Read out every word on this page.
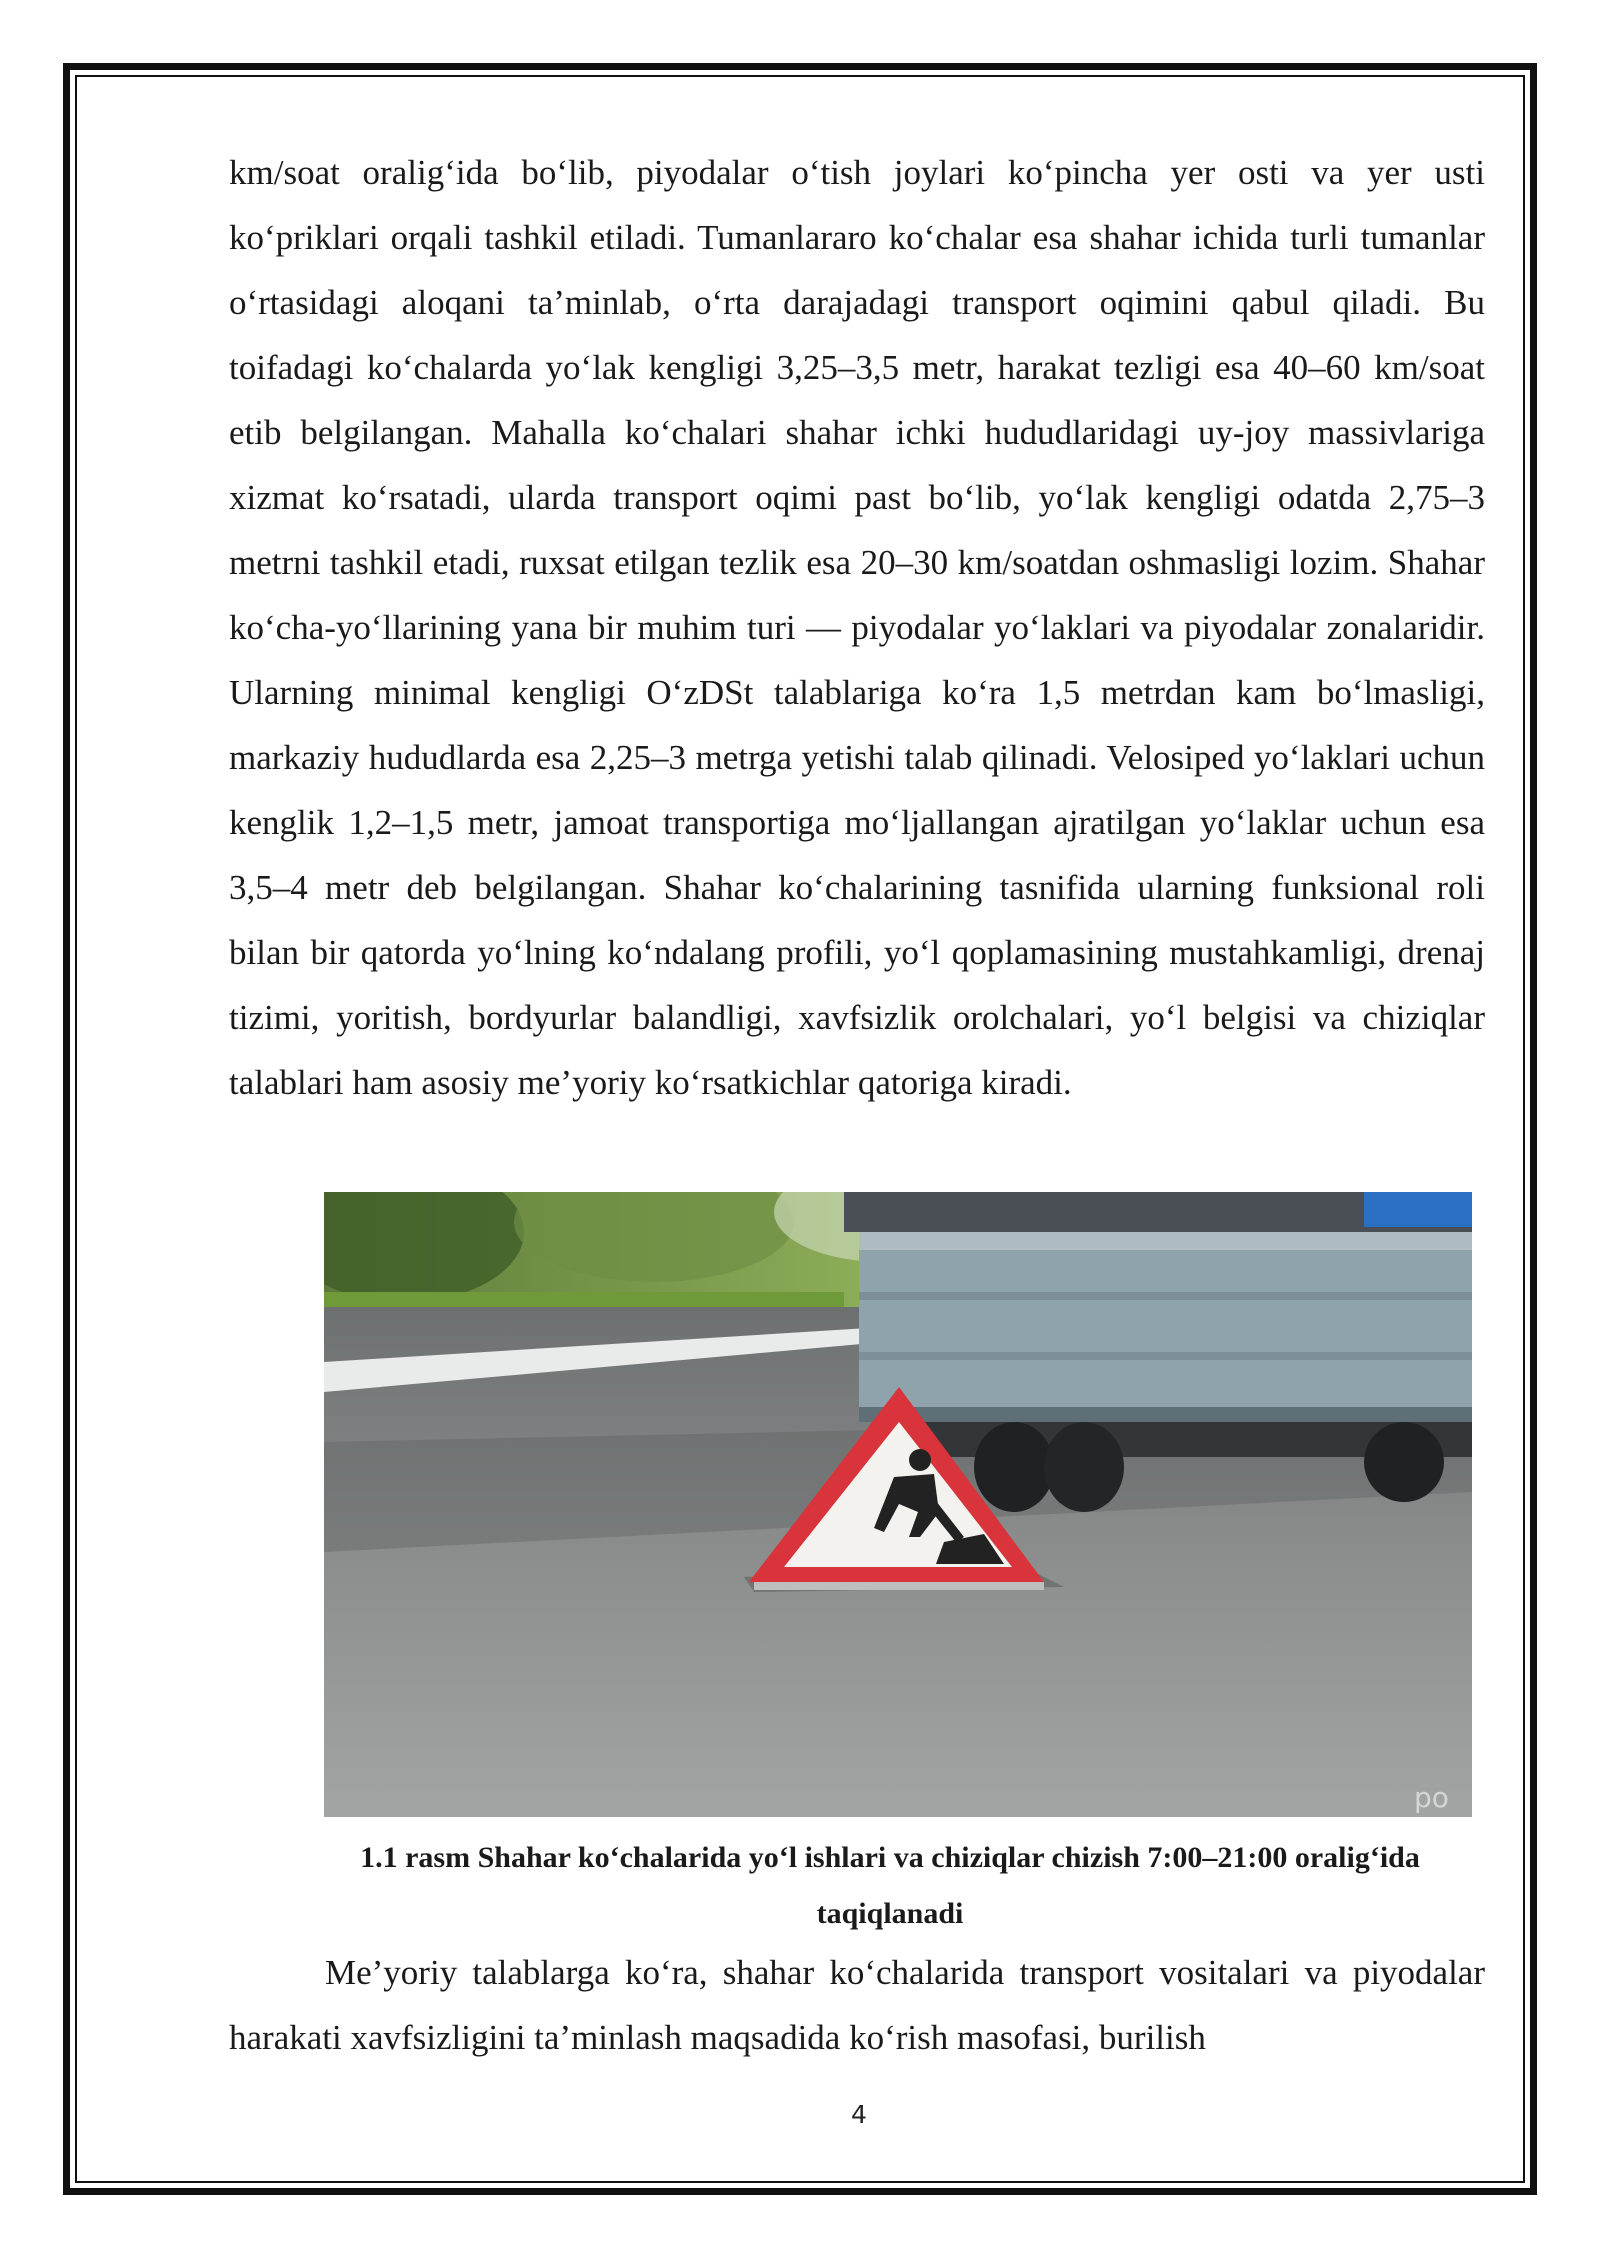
km/soat oralig‘ida bo‘lib, piyodalar o‘tish joylari ko‘pincha yer osti va yer usti ko‘priklari orqali tashkil etiladi. Tumanlararo ko‘chalar esa shahar ichida turli tumanlar o‘rtasidagi aloqani ta’minlab, o‘rta darajadagi transport oqimini qabul qiladi. Bu toifadagi ko‘chalarda yo‘lak kengligi 3,25–3,5 metr, harakat tezligi esa 40–60 km/soat etib belgilangan. Mahalla ko‘chalari shahar ichki hududlaridagi uy-joy massivlariga xizmat ko‘rsatadi, ularda transport oqimi past bo‘lib, yo‘lak kengligi odatda 2,75–3 metrni tashkil etadi, ruxsat etilgan tezlik esa 20–30 km/soatdan oshmasligi lozim. Shahar ko‘cha-yo‘llarining yana bir muhim turi — piyodalar yo‘laklari va piyodalar zonalaridir. Ularning minimal kengligi O‘zDSt talablariga ko‘ra 1,5 metrdan kam bo‘lmasligi, markaziy hududlarda esa 2,25–3 metrga yetishi talab qilinadi. Velosiped yo‘laklari uchun kenglik 1,2–1,5 metr, jamoat transportiga mo‘ljallangan ajratilgan yo‘laklar uchun esa 3,5–4 metr deb belgilangan. Shahar ko‘chalarining tasnifida ularning funksional roli bilan bir qatorda yo‘lning ko‘ndalang profili, yo‘l qoplamasining mustahkamligi, drenaj tizimi, yoritish, bordyurlar balandligi, xavfsizlik orolchalari, yo‘l belgisi va chiziqlar talablari ham asosiy me’yoriy ko‘rsatkichlar qatoriga kiradi.

po

1.1 rasm Shahar ko‘chalarida yo‘l ishlari va chiziqlar chizish 7:00–21:00 oralig‘ida taqiqlanadi

Me’yoriy talablarga ko‘ra, shahar ko‘chalarida transport vositalari va piyodalar harakati xavfsizligini ta’minlash maqsadida ko‘rish masofasi, burilish

4
